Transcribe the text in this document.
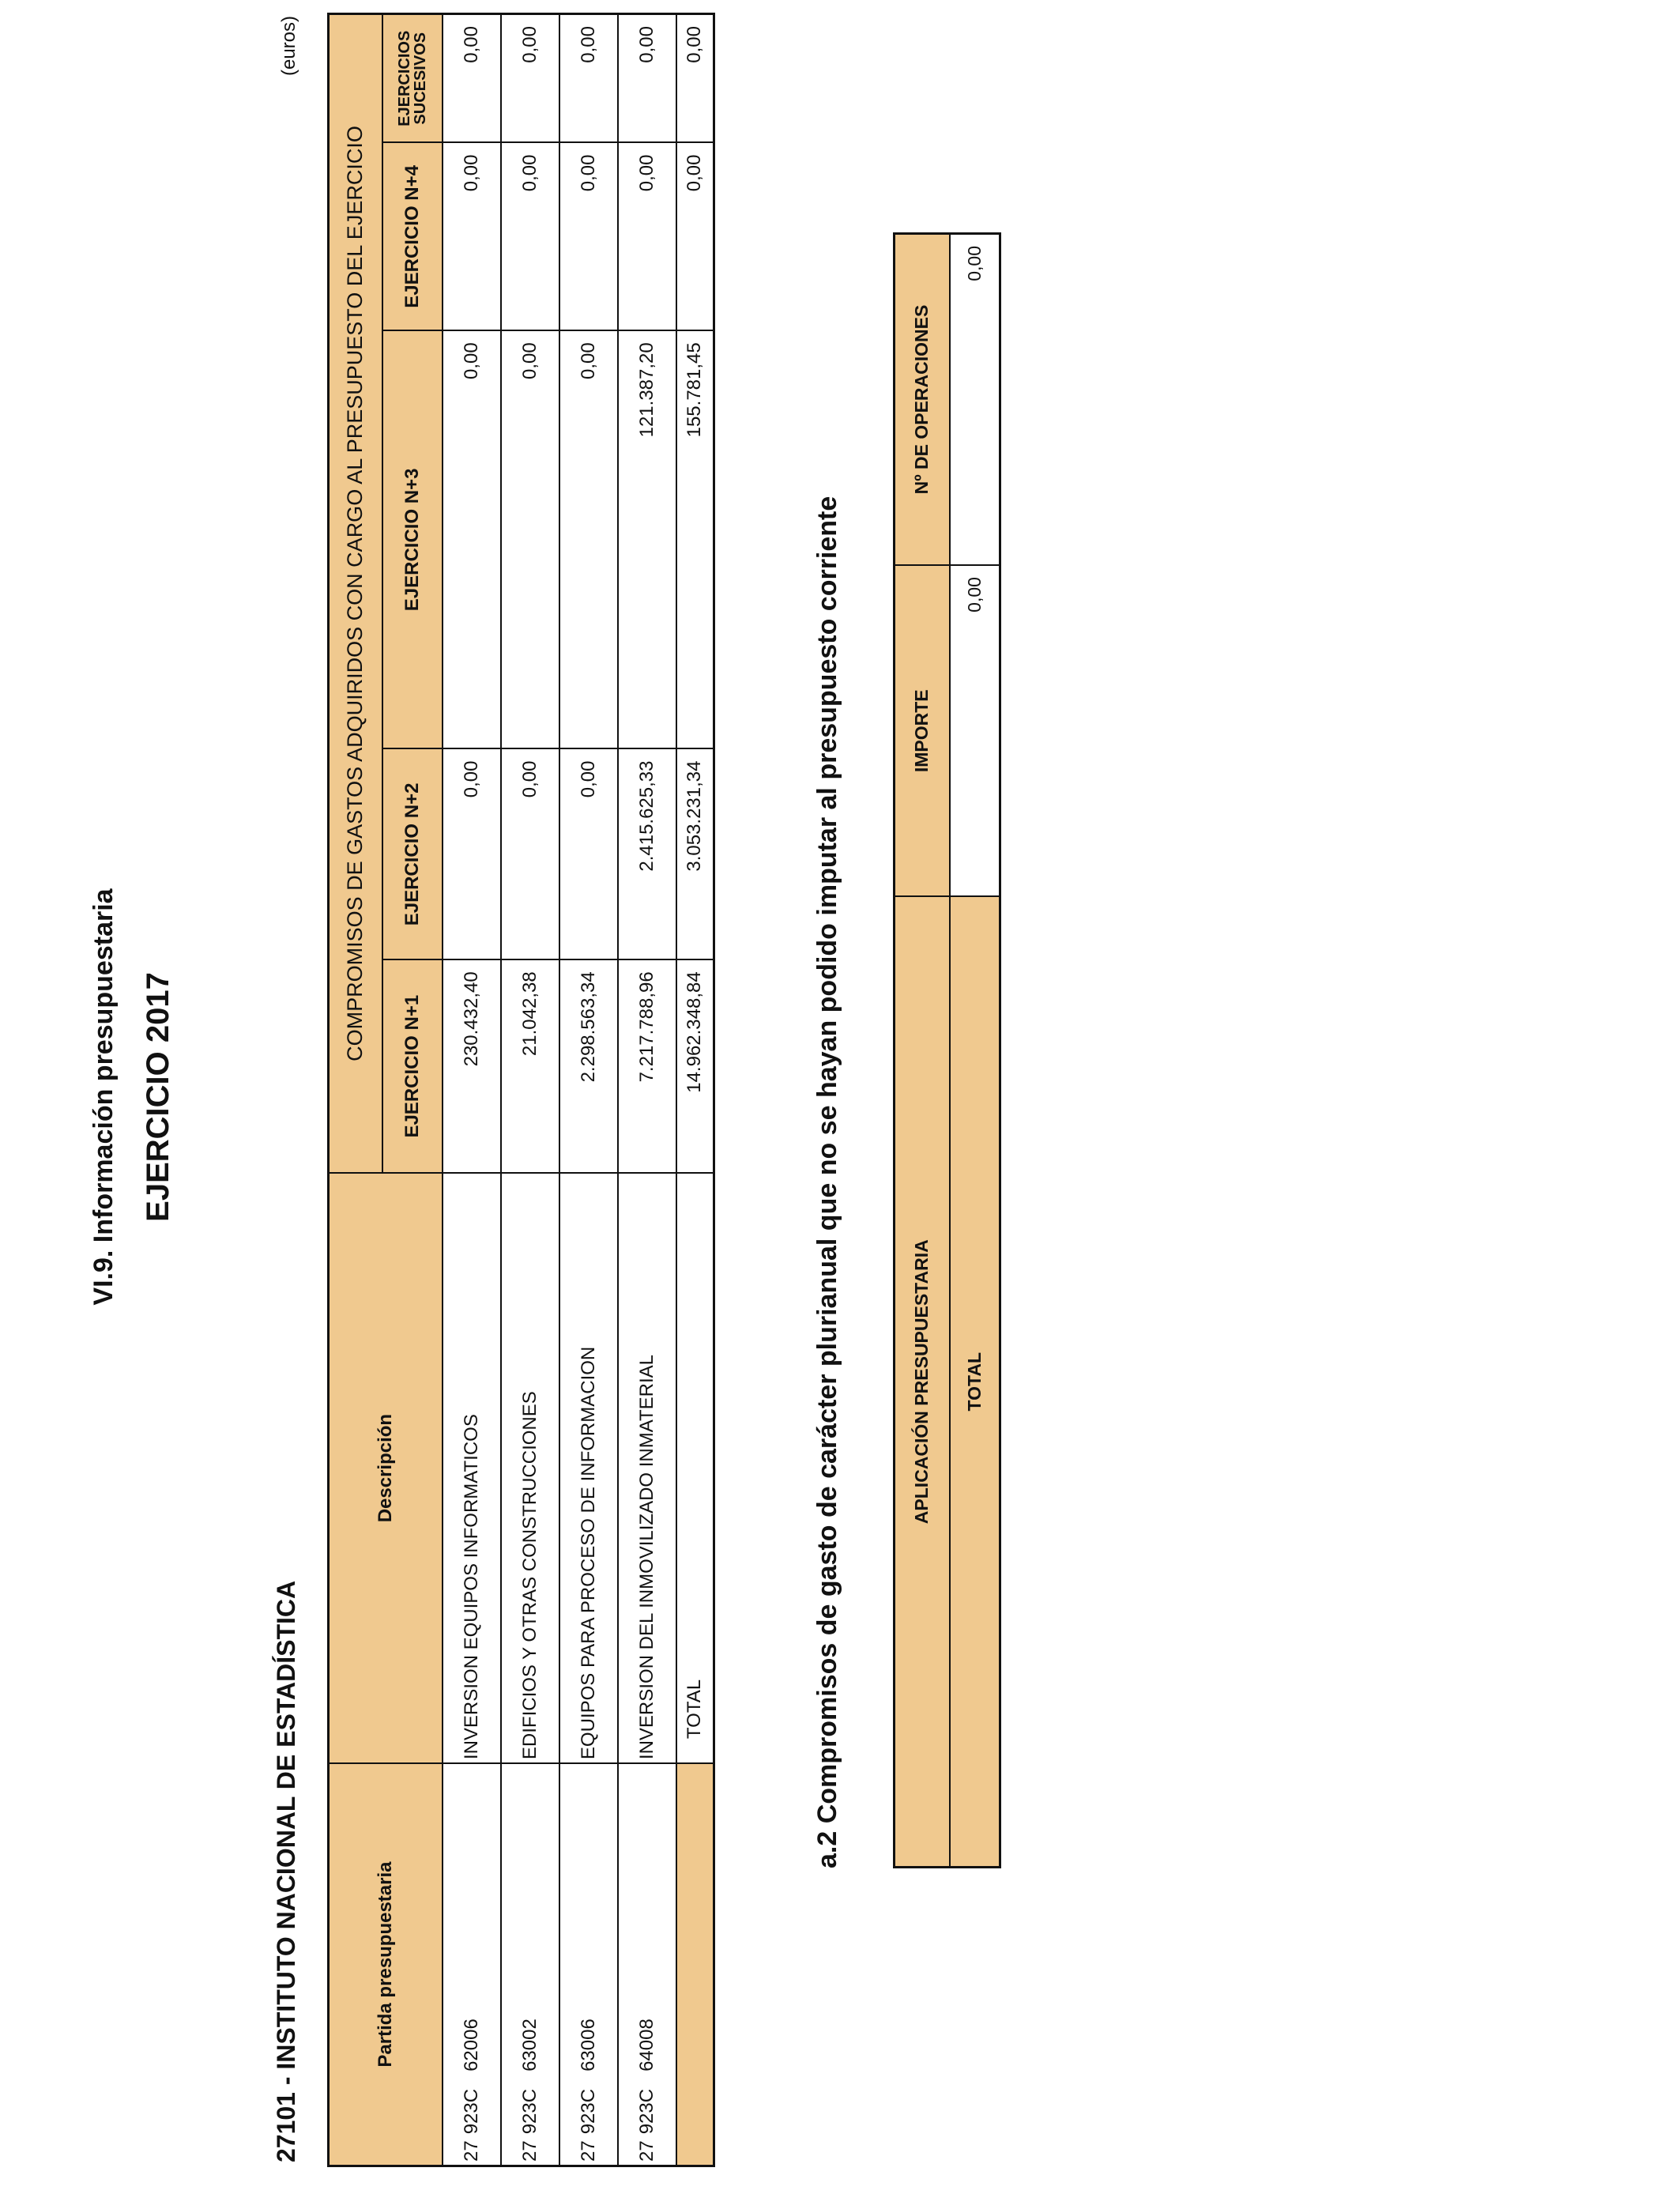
VI.9. Información presupuestaria EJERCICIO 2017
27101 - INSTITUTO NACIONAL DE ESTADÍSTICA
(euros)
Partida presupuestaria	Descripción	COMPROMISOS DE GASTOS ADQUIRIDOS CON CARGO AL PRESUPUESTO DEL EJERCICIO				
		EJERCICIO N+1	EJERCICIO N+2	EJERCICIO N+3	EJERCICIO N+4	EJERCICIOS SUCESIVOS
27923C62006	INVERSION EQUIPOS INFORMATICOS	230.432,40	0,00	0,00	0,00	0,00
27923C63002	EDIFICIOS Y OTRAS CONSTRUCCIONES	21.042,38	0,00	0,00	0,00	0,00
27923C63006	EQUIPOS PARA PROCESO DE INFORMACION	2.298.563,34	0,00	0,00	0,00	0,00
27923C64008	INVERSION DEL INMOVILIZADO INMATERIAL	7.217.788,96	2.415.625,33	121.387,20	0,00	0,00
	TOTAL	14.962.348,84	3.053.231,34	155.781,45	0,00	0,00
a.2 Compromisos de gasto de carácter plurianual que no se hayan podido imputar al presupuesto corriente	APLICACIÓN PRESUPUESTARIA	IMPORTE	Nº DE OPERACIONES
TOTAL	0,00	0,00
